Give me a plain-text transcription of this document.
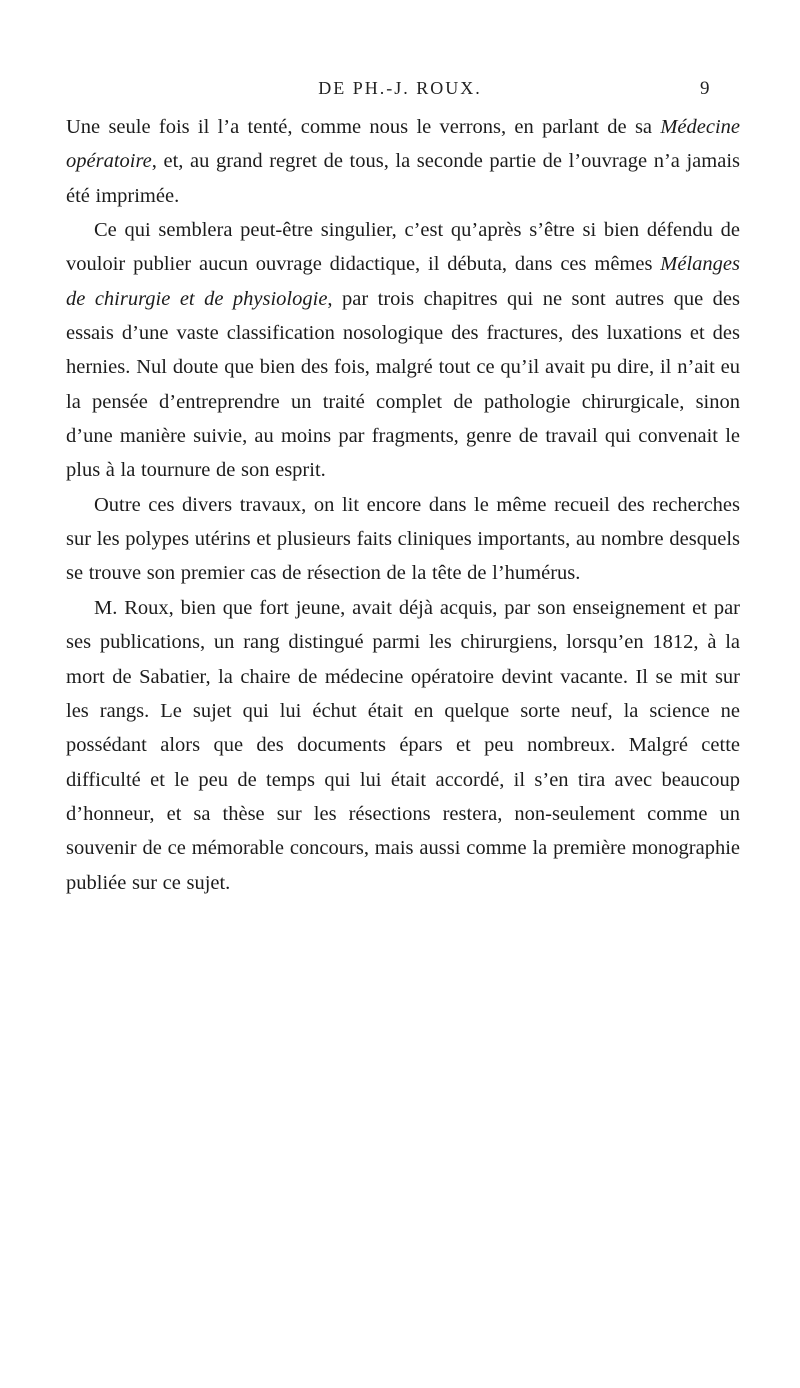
DE PH.-J. ROUX.	9

Une seule fois il l’a tenté, comme nous le verrons, en parlant de sa Médecine opératoire, et, au grand regret de tous, la seconde partie de l’ouvrage n’a jamais été imprimée.

Ce qui semblera peut-être singulier, c’est qu’après s’être si bien défendu de vouloir publier aucun ouvrage didactique, il débuta, dans ces mêmes Mélanges de chirurgie et de physiologie, par trois chapitres qui ne sont autres que des essais d’une vaste classification nosologique des fractures, des luxations et des hernies. Nul doute que bien des fois, malgré tout ce qu’il avait pu dire, il n’ait eu la pensée d’entreprendre un traité complet de pathologie chirurgicale, sinon d’une manière suivie, au moins par fragments, genre de travail qui convenait le plus à la tournure de son esprit.

Outre ces divers travaux, on lit encore dans le même recueil des recherches sur les polypes utérins et plusieurs faits cliniques importants, au nombre desquels se trouve son premier cas de résection de la tête de l’humérus.

M. Roux, bien que fort jeune, avait déjà acquis, par son enseignement et par ses publications, un rang distingué parmi les chirurgiens, lorsqu’en 1812, à la mort de Sabatier, la chaire de médecine opératoire devint vacante. Il se mit sur les rangs. Le sujet qui lui échut était en quelque sorte neuf, la science ne possédant alors que des documents épars et peu nombreux. Malgré cette difficulté et le peu de temps qui lui était accordé, il s’en tira avec beaucoup d’honneur, et sa thèse sur les résections restera, non-seulement comme un souvenir de ce mémorable concours, mais aussi comme la première monographie publiée sur ce sujet.
